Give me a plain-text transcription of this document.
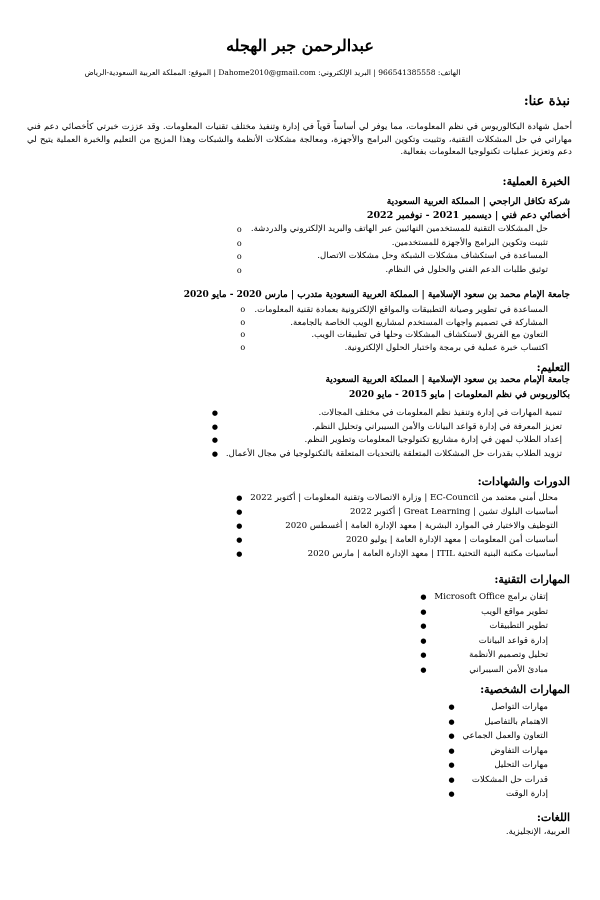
عبدالرحمن جبر الهجله
الهاتف: 966541385558 | البريد الإلكتروني: Dahome2010@gmail.com | الموقع: المملكة العربية السعودية-الرياض
نبذة عنا:

أحمل شهادة البكالوريوس في نظم المعلومات، مما يوفر لي أساساً قوياً في إدارة وتنفيذ مختلف تقنيات المعلومات. وقد عززت خبرتي كأخصائي دعم فني مهاراتي في حل المشكلات التقنية، وتثبيت وتكوين البرامج والأجهزة، ومعالجة مشكلات الأنظمة والشبكات وهذا المزيج من التعليم والخبرة العملية يتيح لي دعم وتعزيز عمليات تكنولوجيا المعلومات بفعالية.

الخبرة العملية:
شركة تكافل الراجحي | المملكة العربية السعودية
أخصائي دعم فني | ديسمبر 2021 - نوفمبر 2022
o حل المشكلات التقنية للمستخدمين النهائيين عبر الهاتف والبريد الإلكتروني والدردشة.
o تثبيت وتكوين البرامج والأجهزة للمستخدمين.
o المساعدة في استكشاف مشكلات الشبكة وحل مشكلات الاتصال.
o توثيق طلبات الدعم الفني والحلول في النظام.
جامعة الإمام محمد بن سعود الإسلامية | المملكة العربية السعودية متدرب | مارس 2020 - مايو 2020
o المساعدة في تطوير وصيانة التطبيقات والمواقع الإلكترونية بعمادة تقنية المعلومات.
o المشاركة في تصميم واجهات المستخدم لمشاريع الويب الخاصة بالجامعة.
o التعاون مع الفريق لاستكشاف المشكلات وحلها في تطبيقات الويب.
o اكتساب خبرة عملية في برمجة واختبار الحلول الإلكترونية.
التعليم:
جامعة الإمام محمد بن سعود الإسلامية | المملكة العربية السعودية
بكالوريوس في نظم المعلومات | مايو 2015 - مايو 2020
● تنمية المهارات في إدارة وتنفيذ نظم المعلومات في مختلف المجالات.
● تعزيز المعرفة في إدارة قواعد البيانات والأمن السيبراني وتحليل النظم.
● إعداد الطلاب لمهن في إدارة مشاريع تكنولوجيا المعلومات وتطوير النظم.
● تزويد الطلاب بقدرات حل المشكلات المتعلقة بالتحديات المتعلقة بالتكنولوجيا في مجال الأعمال.
الدورات والشهادات:
● محلل أمني معتمد من EC-Council | وزارة الاتصالات وتقنية المعلومات | أكتوبر 2022
● أساسيات البلوك تشين | Great Learning | أكتوبر 2022
● التوظيف والاختيار في الموارد البشرية | معهد الإدارة العامة | أغسطس 2020
● أساسيات أمن المعلومات | معهد الإدارة العامة | يوليو 2020
● أساسيات مكتبة البنية التحتية ITIL | معهد الإدارة العامة | مارس 2020
المهارات التقنية:
● إتقان برامج Microsoft Office
● تطوير مواقع الويب
● تطوير التطبيقات
● إدارة قواعد البيانات
● تحليل وتصميم الأنظمة
● مبادئ الأمن السيبراني
المهارات الشخصية:
● مهارات التواصل
● الاهتمام بالتفاصيل
● التعاون والعمل الجماعي
● مهارات التفاوض
● مهارات التحليل
● قدرات حل المشكلات
● إدارة الوقت
اللغات:
العربية، الإنجليزية.
